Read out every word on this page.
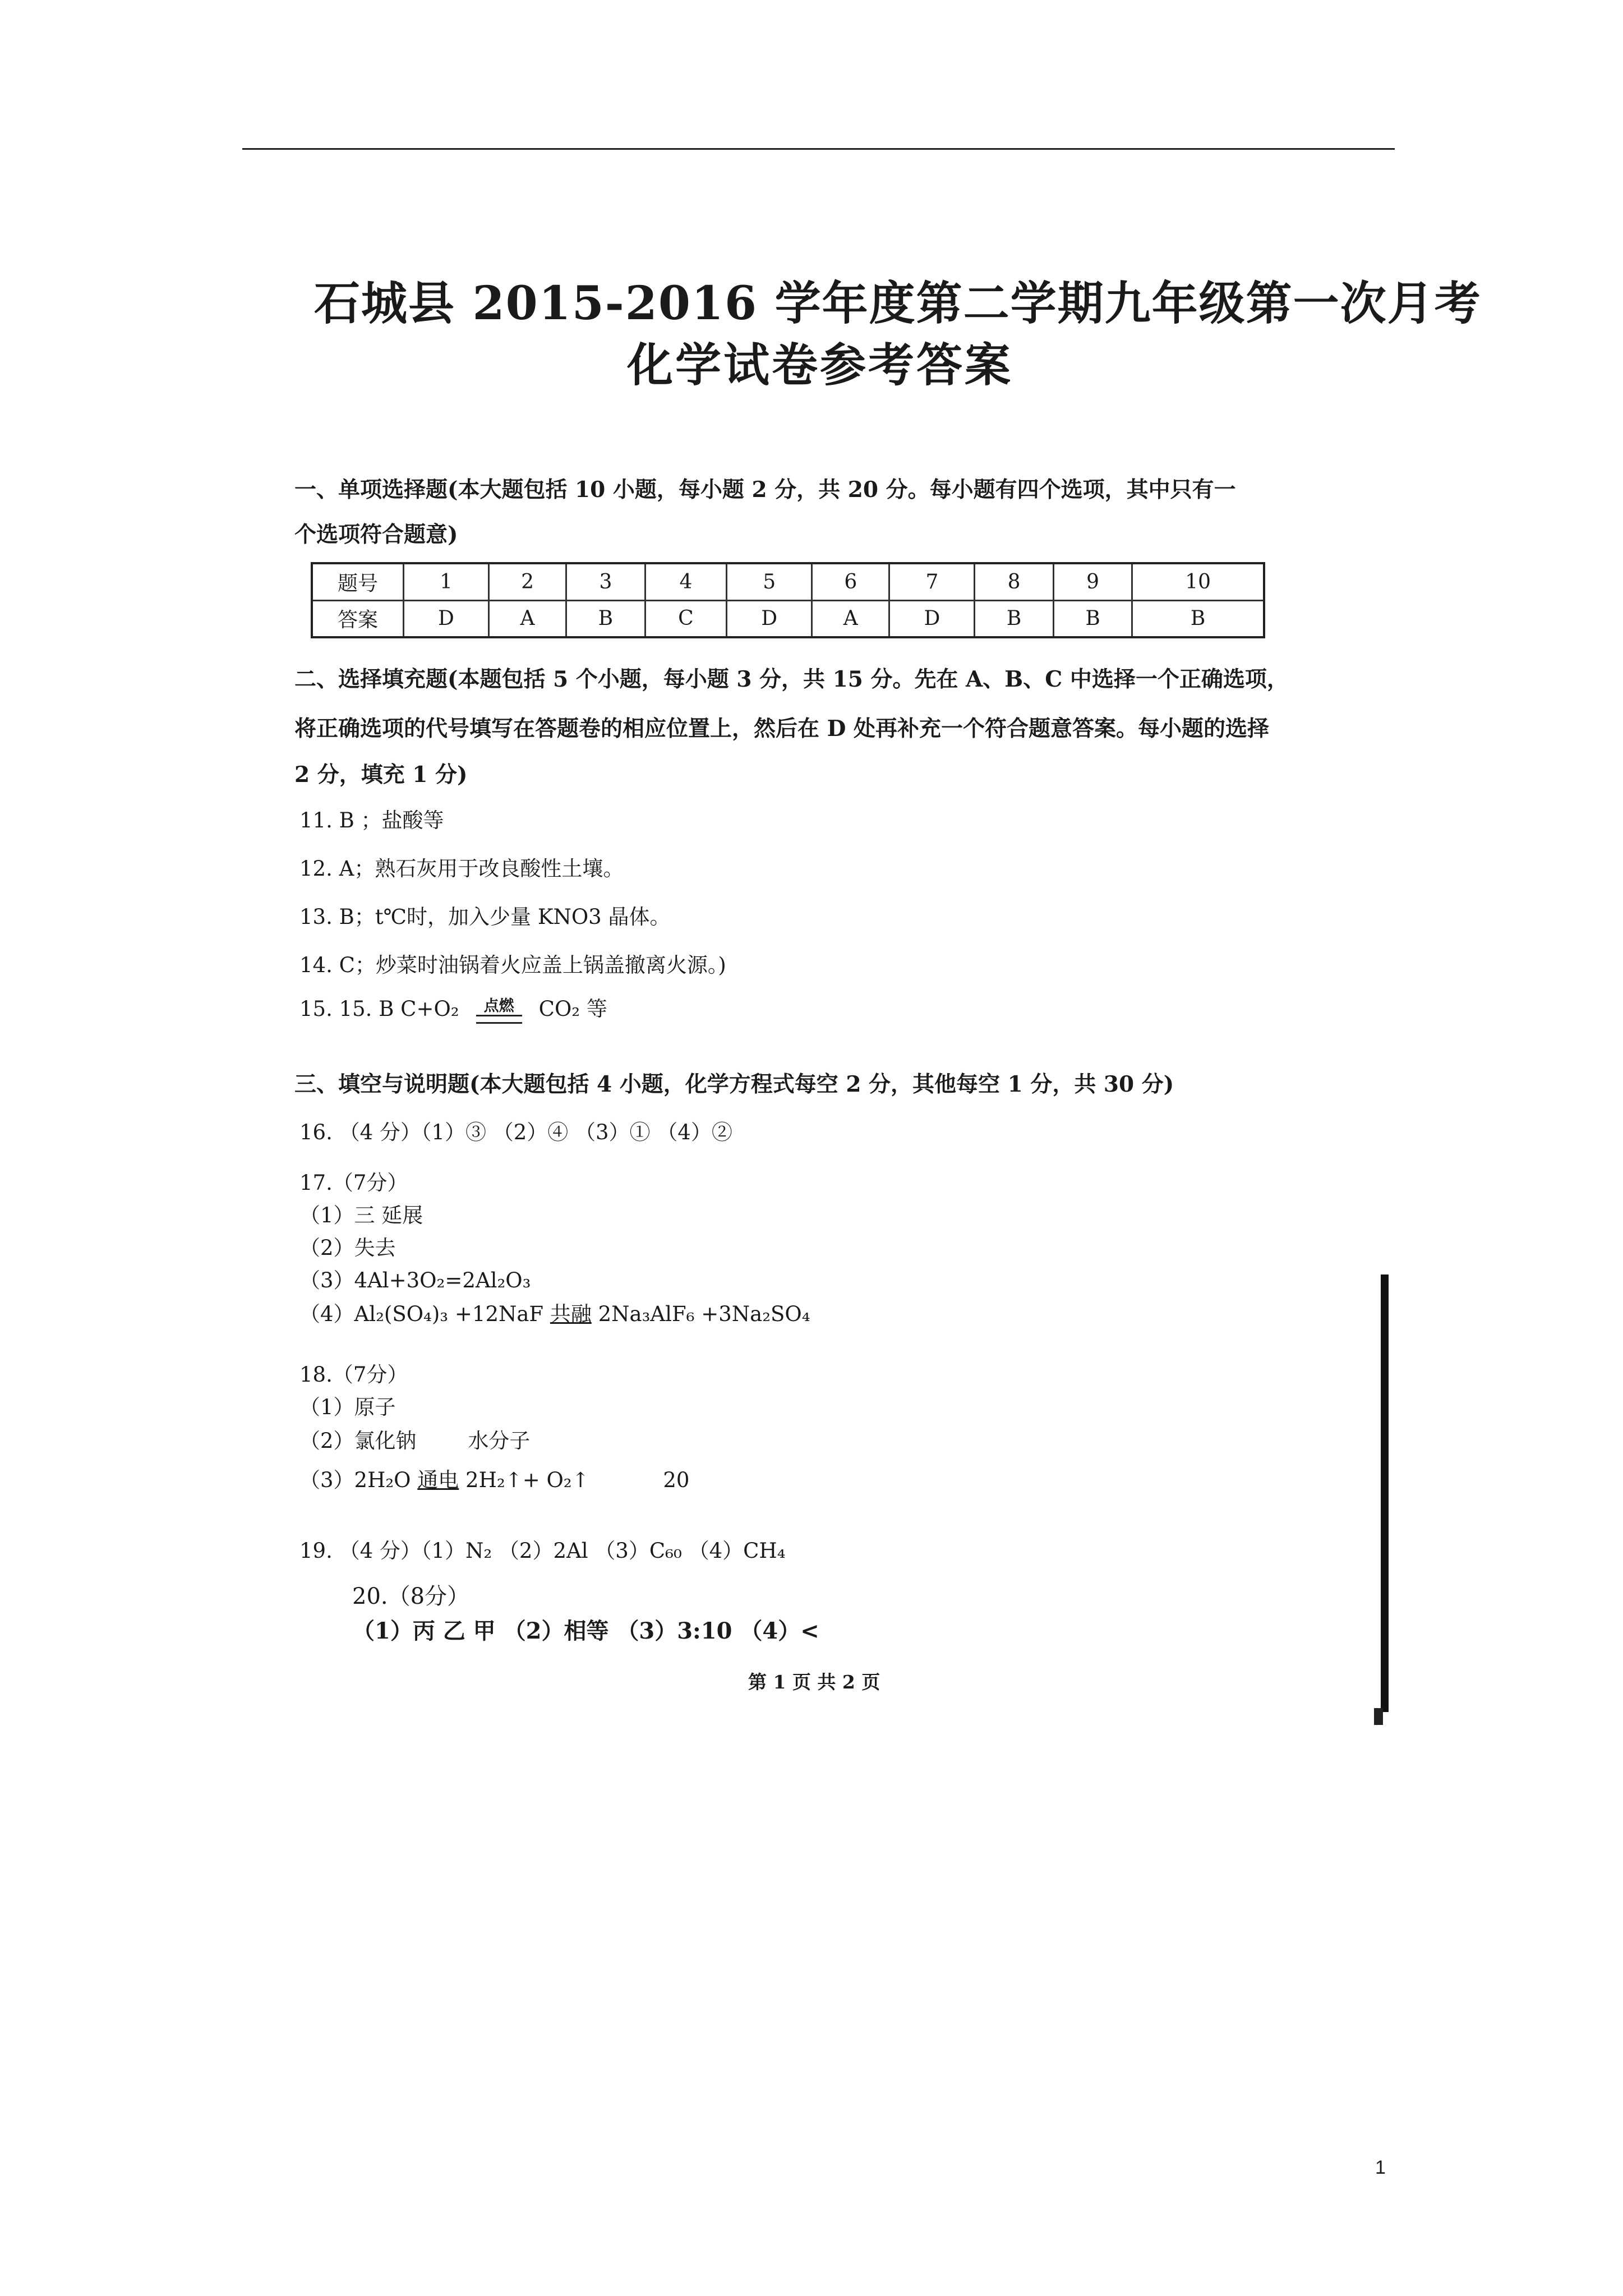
石城县 2015-2016 学年度第二学期九年级第一次月考
化学试卷参考答案
一、单项选择题(本大题包括 10 小题，每小题 2 分，共 20 分。每小题有四个选项，其中只有一
个选项符合题意)
题号	1	2	3	4	5	6	7	8	9	10
答案	D	A	B	C	D	A	D	B	B	B
二、选择填充题(本题包括 5 个小题，每小题 3 分，共 15 分。先在 A、B、C 中选择一个正确选项，
将正确选项的代号填写在答题卷的相应位置上，然后在 D 处再补充一个符合题意答案。每小题的选择
2 分，填充 1 分)
11. B ；盐酸等
12. A；熟石灰用于改良酸性土壤。
13. B；t℃时，加入少量 KNO3 晶体。
14. C；炒菜时油锅着火应盖上锅盖撤离火源。)
15. 15. B C+O₂	点燃	CO₂ 等
三、填空与说明题(本大题包括 4 小题，化学方程式每空 2 分，其他每空 1 分，共 30 分)
16. （4 分）（1）③ （2）④ （3）① （4）②
17.（7分）
（1）三 延展
（2）失去
（3）4Al+3O₂=2Al₂O₃
（4）Al₂(SO₄)₃ +12NaF 共融 2Na₃AlF₆ +3Na₂SO₄
18.（7分）
（1）原子
（2）氯化钠 水分子
（3）2H₂O 通电 2H₂↑+ O₂↑	20
19. （4 分）（1）N₂ （2）2Al （3）C₆₀ （4）CH₄
20.（8分）
（1）丙 乙 甲 （2）相等 （3）3:10 （4）<
第 1 页 共 2 页
1
